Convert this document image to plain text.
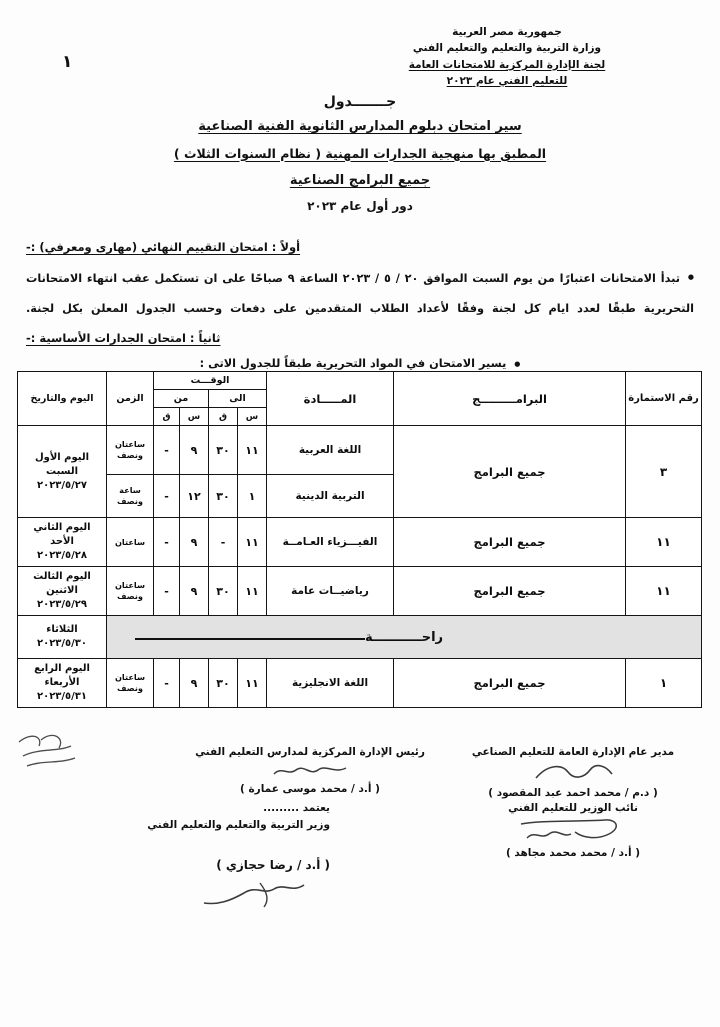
١
جمهورية مصر العربية
وزارة التربية والتعليم والتعليم الفني
لجنة الإدارة المركزية للامتحانات العامة
للتعليم الفني عام ٢٠٢٣
جـــــــدول
سير امتحان دبلوم المدارس الثانوية الفنية الصناعية
المطبق بها منهجية الجدارات المهنية ( نظام السنوات الثلاث )
جميع البرامج الصناعية
دور أول عام ٢٠٢٣
أولاً : امتحان التقييم النهائي (مهارى ومعرفي) :-
● تبدأ الامتحانات اعتبارًا من يوم السبت الموافق ٢٠ / ٥ / ٢٠٢٣ الساعة ٩ صباحًا على ان تستكمل عقب انتهاء الامتحانات
التحريرية طبقًا لعدد ايام كل لجنة وفقًا لأعداد الطلاب المتقدمين على دفعات وحسب الجدول المعلن بكل لجنة.
ثانياً : امتحان الجدارات الأساسية :-
● يسير الامتحان في المواد التحريرية طبقاً للجدول الاتى :
رقم الاستمارة	البرامـــــــــج	المـــــادة	الوقـــت				الزمن	اليوم والتاريخ
			الى		من			
			س	ق	س	ق		
٣	جميع البرامج	اللغة العربية	١١	٣٠	٩	-	ساعتان ونصف	اليوم الأول
السبت
٢٠٢٣/٥/٢٧

		التربية الدينية	١	٣٠	١٢	-	ساعة ونصف	
١١	جميع البرامج	الفيـــزياء العـامــة	١١	-	٩	-	ساعتان	اليوم الثاني
الأحد
٢٠٢٣/٥/٢٨

١١	جميع البرامج	رياضيــات عامة	١١	٣٠	٩	-	ساعتان ونصف	اليوم الثالث
الاثنين
٢٠٢٣/٥/٢٩

راحـــــــــــة								الثلاثاء ٢٠٢٣/٥/٣٠
١	جميع البرامج	اللغة الانجليزية	١١	٣٠	٩	-	ساعتان ونصف	اليوم الرابع
الأربعاء
٢٠٢٣/٥/٣١
مدير عام الإدارة العامة للتعليم الصناعي
( د.م / محمد احمد عبد المقصود )
رئيس الإدارة المركزية لمدارس التعليم الفني
( أ.د / محمد موسى عمارة )
نائب الوزير للتعليم الفني
( أ.د / محمد محمد مجاهد )
يعتمد .........
وزير التربية والتعليم والتعليم الفني
( أ.د / رضا حجازي )
